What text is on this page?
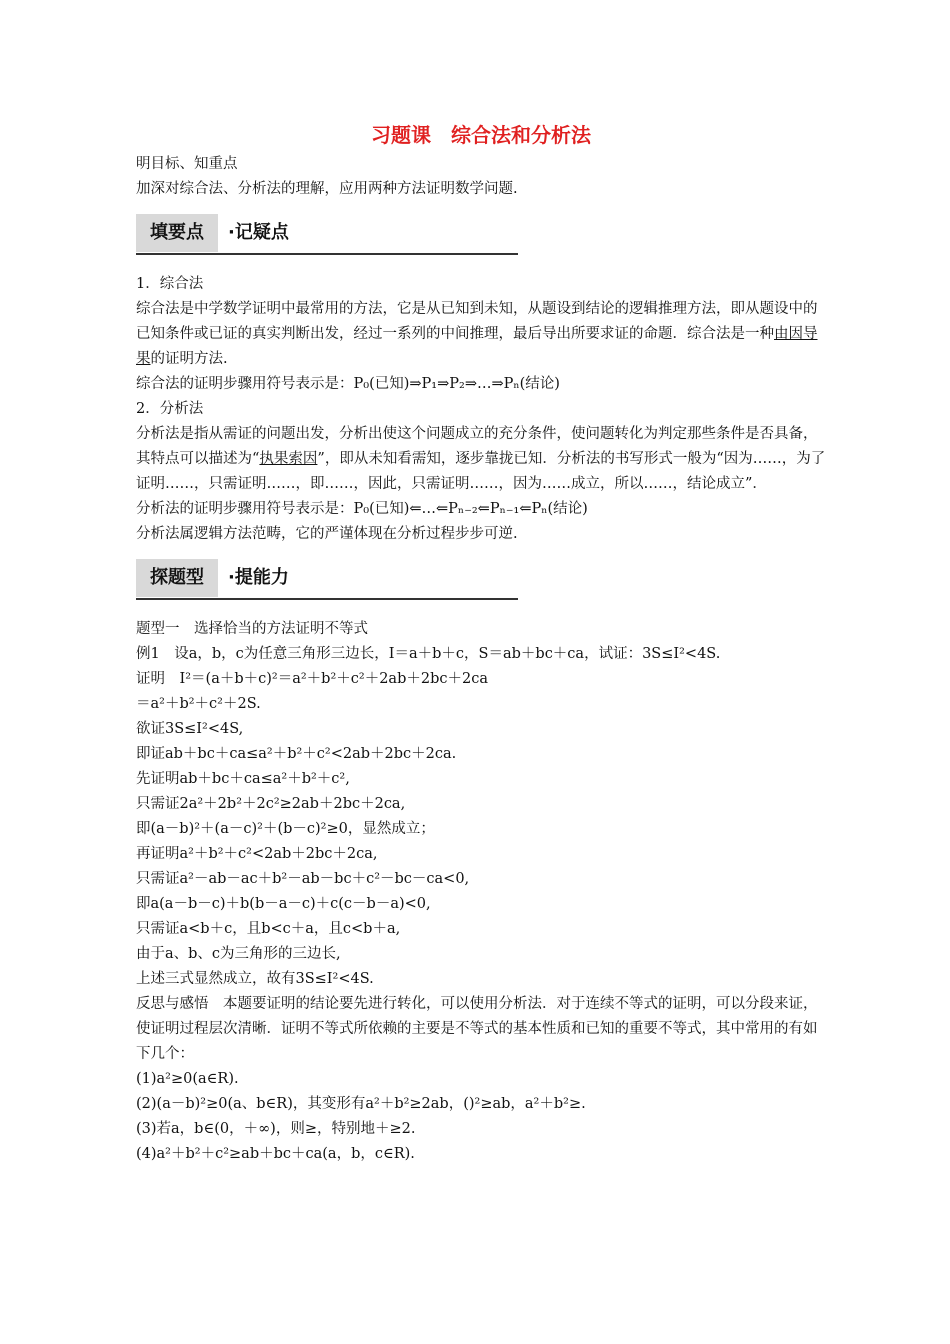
习题课　综合法和分析法
明目标、知重点
加深对综合法、分析法的理解，应用两种方法证明数学问题.
填要点	·记疑点
1．综合法
综合法是中学数学证明中最常用的方法，它是从已知到未知，从题设到结论的逻辑推理方法，即从题设中的已知条件或已证的真实判断出发，经过一系列的中间推理，最后导出所要求证的命题．综合法是一种由因导果的证明方法.
综合法的证明步骤用符号表示是：P₀(已知)⇒P₁⇒P₂⇒…⇒Pₙ(结论)
2．分析法
分析法是指从需证的问题出发，分析出使这个问题成立的充分条件，使问题转化为判定那些条件是否具备，其特点可以描述为“执果索因”，即从未知看需知，逐步靠拢已知．分析法的书写形式一般为“因为……，为了证明……，只需证明……，即……，因此，只需证明……，因为……成立，所以……，结论成立”．
分析法的证明步骤用符号表示是：P₀(已知)⇐…⇐Pₙ₋₂⇐Pₙ₋₁⇐Pₙ(结论)
分析法属逻辑方法范畴，它的严谨体现在分析过程步步可逆.
探题型	·提能力
题型一　选择恰当的方法证明不等式
例1　设a，b，c为任意三角形三边长，I＝a＋b＋c，S＝ab＋bc＋ca，试证：3S≤I²<4S.
证明　I²＝(a＋b＋c)²＝a²＋b²＋c²＋2ab＋2bc＋2ca
＝a²＋b²＋c²＋2S.
欲证3S≤I²<4S,
即证ab＋bc＋ca≤a²＋b²＋c²<2ab＋2bc＋2ca.
先证明ab＋bc＋ca≤a²＋b²＋c²,
只需证2a²＋2b²＋2c²≥2ab＋2bc＋2ca,
即(a－b)²＋(a－c)²＋(b－c)²≥0，显然成立；
再证明a²＋b²＋c²<2ab＋2bc＋2ca,
只需证a²－ab－ac＋b²－ab－bc＋c²－bc－ca<0,
即a(a－b－c)＋b(b－a－c)＋c(c－b－a)<0,
只需证a<b＋c，且b<c＋a，且c<b＋a,
由于a、b、c为三角形的三边长,
上述三式显然成立，故有3S≤I²<4S.
反思与感悟　本题要证明的结论要先进行转化，可以使用分析法．对于连续不等式的证明，可以分段来证，使证明过程层次清晰．证明不等式所依赖的主要是不等式的基本性质和已知的重要不等式，其中常用的有如下几个：
(1)a²≥0(a∈R).
(2)(a－b)²≥0(a、b∈R)，其变形有a²＋b²≥2ab，()²≥ab，a²＋b²≥.
(3)若a，b∈(0，＋∞)，则≥，特别地＋≥2.
(4)a²＋b²＋c²≥ab＋bc＋ca(a，b，c∈R).
